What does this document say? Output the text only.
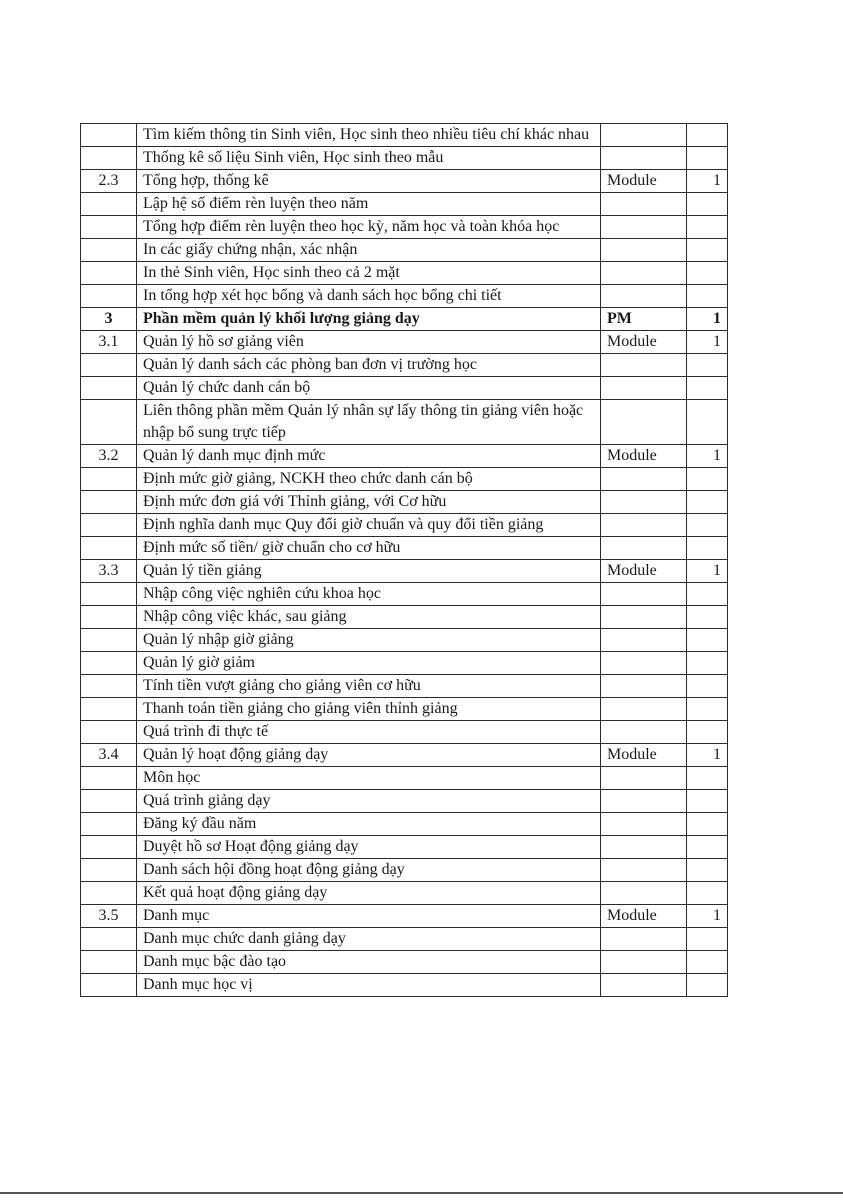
	Tìm kiếm thông tin Sinh viên, Học sinh theo nhiều tiêu chí khác nhau		
	Thống kê số liệu Sinh viên, Học sinh theo mẫu		
2.3	Tổng hợp, thống kê	Module	1
	Lập hệ số điểm rèn luyện theo năm		
	Tổng hợp điểm rèn luyện theo học kỳ, năm học và toàn khóa học		
	In các giấy chứng nhận, xác nhận		
	In thẻ Sinh viên, Học sinh theo cả 2 mặt		
	In tổng hợp xét học bổng và danh sách học bổng chi tiết		
3	Phần mềm quản lý khối lượng giảng dạy	PM	1
3.1	Quản lý hồ sơ giảng viên	Module	1
	Quản lý danh sách các phòng ban đơn vị trường học		
	Quản lý chức danh cán bộ		
	Liên thông phần mềm Quản lý nhân sự lấy thông tin giảng viên hoặc nhập bổ sung trực tiếp		
3.2	Quản lý danh mục định mức	Module	1
	Định mức giờ giảng, NCKH theo chức danh cán bộ		
	Định mức đơn giá với Thỉnh giảng, với Cơ hữu		
	Định nghĩa danh mục Quy đổi giờ chuẩn và quy đổi tiền giảng		
	Định mức số tiền/ giờ chuẩn cho cơ hữu		
3.3	Quản lý tiền giảng	Module	1
	Nhập công việc nghiên cứu khoa học		
	Nhập công việc khác, sau giảng		
	Quản lý nhập giờ giảng		
	Quản lý giờ giảm		
	Tính tiền vượt giảng cho giảng viên cơ hữu		
	Thanh toán tiền giảng cho giảng viên thỉnh giảng		
	Quá trình đi thực tế		
3.4	Quản lý hoạt động giảng dạy	Module	1
	Môn học		
	Quá trình giảng dạy		
	Đăng ký đầu năm		
	Duyệt hồ sơ Hoạt động giảng dạy		
	Danh sách hội đồng hoạt động giảng dạy		
	Kết quả hoạt động giảng dạy		
3.5	Danh mục	Module	1
	Danh mục chức danh giảng dạy		
	Danh mục bậc đào tạo		
	Danh mục học vị		
